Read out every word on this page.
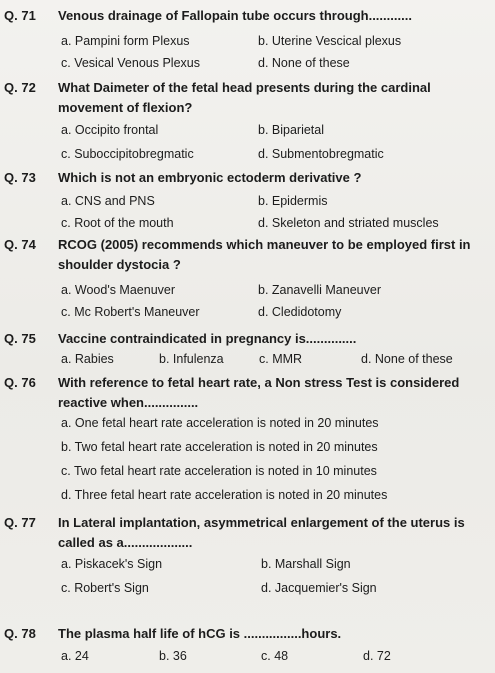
Q. 71	Venous drainage of Fallopain tube occurs through............
a. Pampini form Plexus	b. Uterine Vescical plexus
c. Vesical Venous Plexus	d. None of these
Q. 72	What Daimeter of the fetal head presents during the cardinal movement of flexion?
a. Occipito frontal	b. Biparietal
c. Suboccipitobregmatic	d. Submentobregmatic
Q. 73	Which is not an embryonic ectoderm derivative ?
a. CNS and PNS	b. Epidermis
c. Root of the mouth	d. Skeleton and striated muscles
Q. 74	RCOG (2005) recommends which maneuver to be employed first in shoulder dystocia ?
a. Wood's Maenuver	b. Zanavelli Maneuver
c. Mc Robert's Maneuver	d. Cledidotomy
Q. 75	Vaccine contraindicated in pregnancy is..............
a. Rabies	b. Infulenza	c. MMR	d. None of these
Q. 76	With reference to fetal heart rate, a Non stress Test is considered reactive when...............
a. One fetal heart rate acceleration is noted in 20 minutes
b. Two fetal heart rate acceleration is noted in 20 minutes
c. Two fetal heart rate acceleration is noted in 10 minutes
d. Three fetal heart rate acceleration is noted in 20 minutes
Q. 77	In Lateral implantation, asymmetrical enlargement of the uterus is called as a...................
a. Piskacek's Sign	b. Marshall Sign
c. Robert's Sign	d. Jacquemier's Sign
Q. 78	The plasma half life of hCG is ................hours.
a. 24	b. 36	c. 48	d. 72
